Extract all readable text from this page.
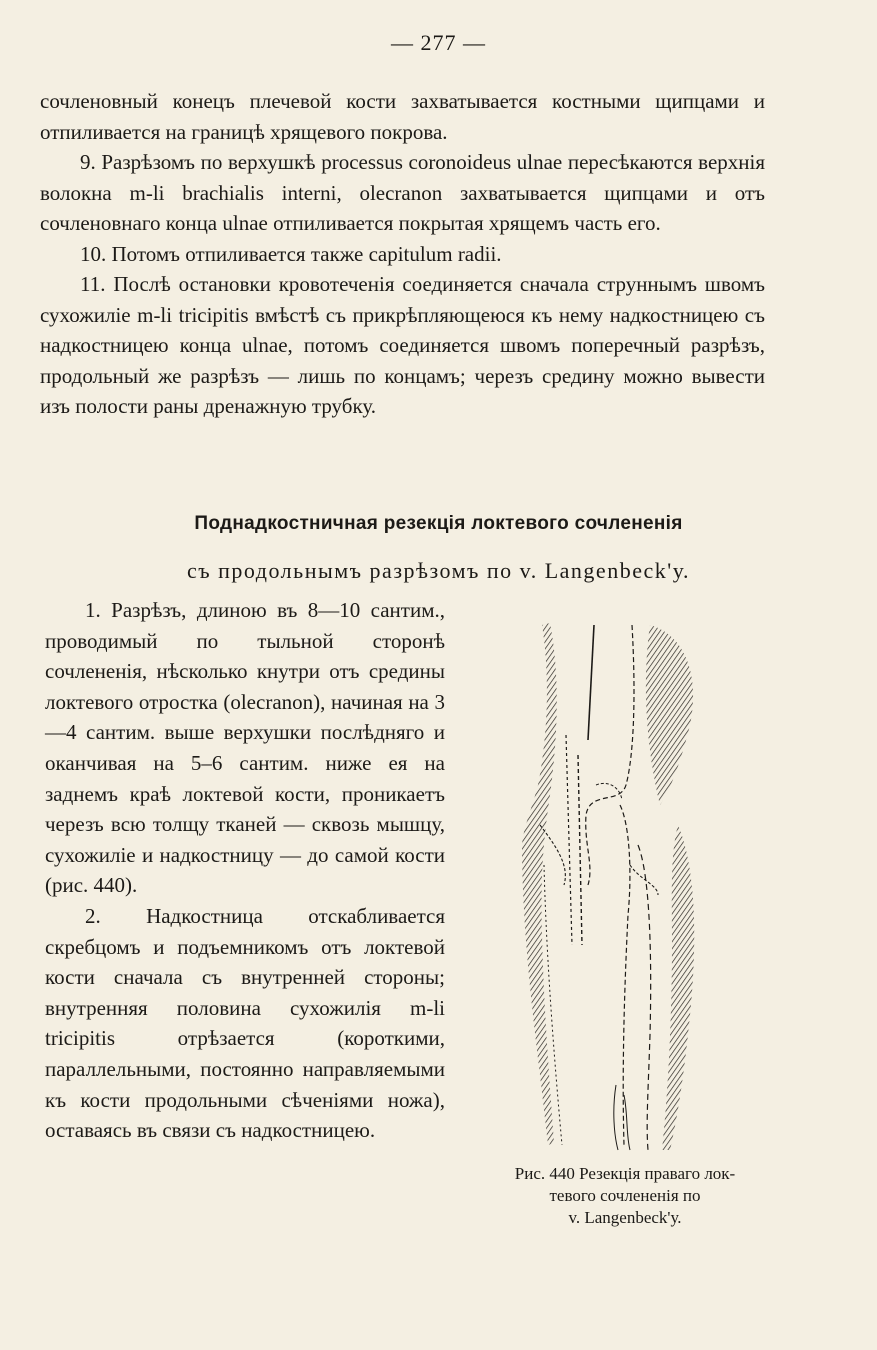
— 277 —

сочленовный конецъ плечевой кости захватывается костными щипцами и отпиливается на границѣ хрящевого покрова.

9. Разрѣзомъ по верхушкѣ processus coronoideus ulnae пересѣкаются верхнія волокна m-li brachialis interni, olecranon захватывается щипцами и отъ сочленовнаго конца ulnae отпиливается покрытая хрящемъ часть его.

10. Потомъ отпиливается также capitulum radii.

11. Послѣ остановки кровотеченія соединяется сначала струннымъ швомъ сухожиліе m-li tricipitis вмѣстѣ съ прикрѣпляющеюся къ нему надкостницею съ надкостницею конца ulnae, потомъ соединяется швомъ поперечный разрѣзъ, продольный же разрѣзъ — лишь по концамъ; черезъ средину можно вывести изъ полости раны дренажную трубку.

Поднадкостничная резекція локтевого сочлененія
съ продольнымъ разрѣзомъ по v. Langenbeck'у.

1. Разрѣзъ, длиною въ 8—10 сантим., проводимый по тыльной сторонѣ сочлененія, нѣсколько кнутри отъ средины локтевого отростка (olecranon), начиная на 3—4 сантим. выше верхушки послѣдняго и оканчивая на 5–6 сантим. ниже ея на заднемъ краѣ локтевой кости, проникаетъ черезъ всю толщу тканей — сквозь мышцу, сухожиліе и надкостницу — до самой кости (рис. 440).

2. Надкостница отскабливается скребцомъ и подъемникомъ отъ локтевой кости сначала съ внутренней стороны; внутренняя половина сухожилія m-li tricipitis отрѣзается (короткими, параллельными, постоянно направляемыми къ кости продольными сѣченіями ножа), оставаясь въ связи съ надкостницею.

Рис. 440 Резекція праваго лок-
тевого сочлененія по
v. Langenbeck'у.
